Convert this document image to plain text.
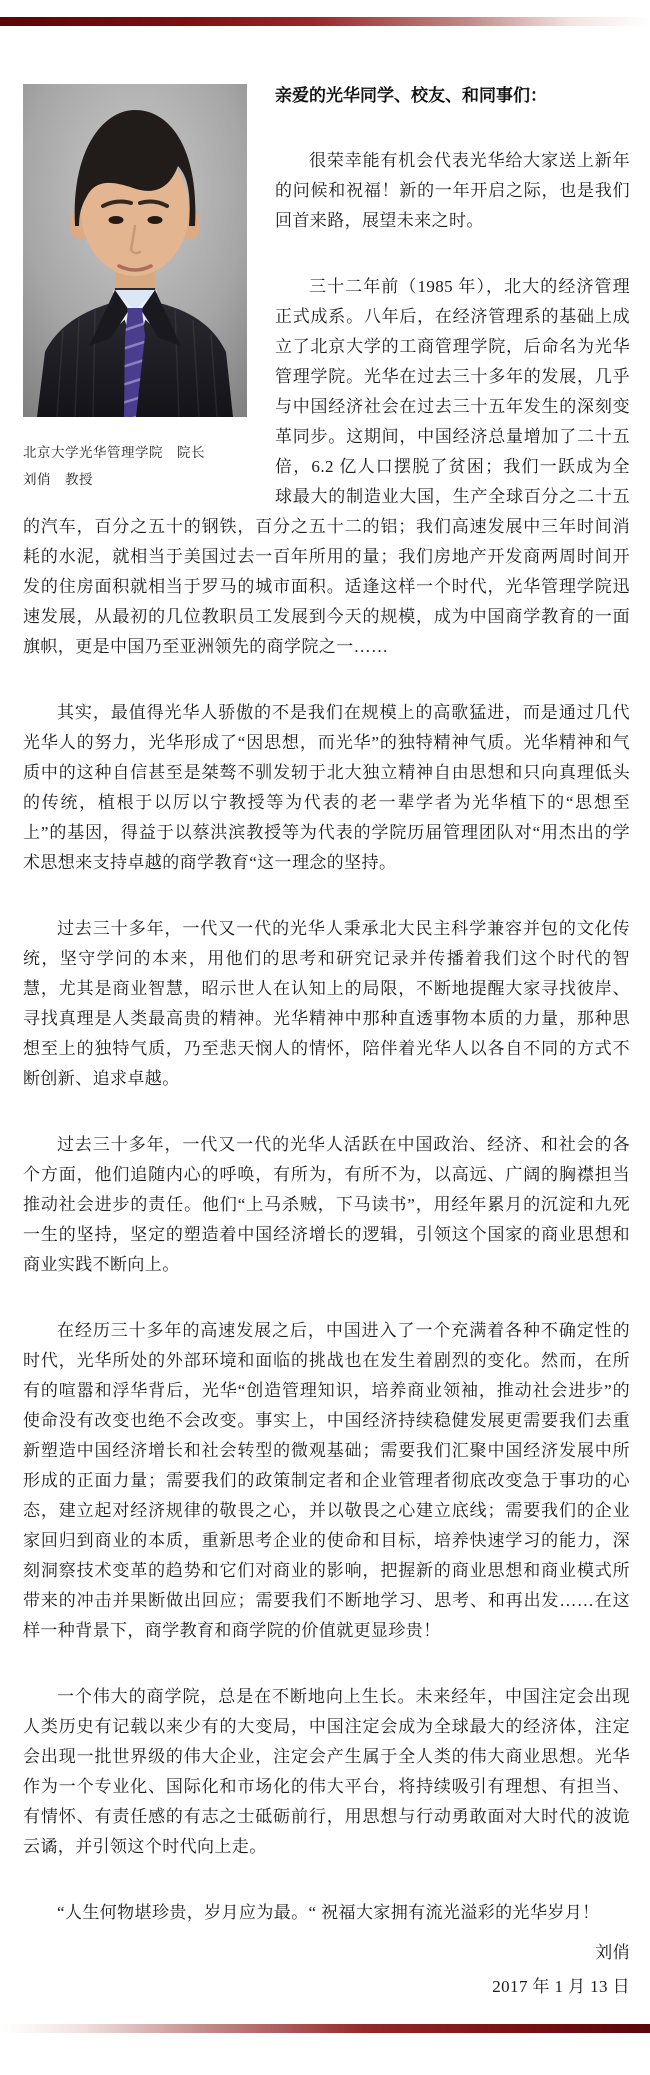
北京大学光华管理学院　院长
刘俏　教授
亲爱的光华同学、校友、和同事们：

很荣幸能有机会代表光华给大家送上新年的问候和祝福！新的一年开启之际，也是我们回首来路，展望未来之时。

三十二年前（1985 年），北大的经济管理正式成系。八年后，在经济管理系的基础上成立了北京大学的工商管理学院，后命名为光华管理学院。光华在过去三十多年的发展，几乎与中国经济社会在过去三十五年发生的深刻变革同步。这期间，中国经济总量增加了二十五倍，6.2 亿人口摆脱了贫困；我们一跃成为全球最大的制造业大国，生产全球百分之二十五的汽车，百分之五十的钢铁，百分之五十二的铝；我们高速发展中三年时间消耗的水泥，就相当于美国过去一百年所用的量；我们房地产开发商两周时间开发的住房面积就相当于罗马的城市面积。适逢这样一个时代，光华管理学院迅速发展，从最初的几位教职员工发展到今天的规模，成为中国商学教育的一面旗帜，更是中国乃至亚洲领先的商学院之一……

其实，最值得光华人骄傲的不是我们在规模上的高歌猛进，而是通过几代光华人的努力，光华形成了“因思想，而光华”的独特精神气质。光华精神和气质中的这种自信甚至是桀骜不驯发轫于北大独立精神自由思想和只向真理低头的传统，植根于以厉以宁教授等为代表的老一辈学者为光华植下的“思想至上”的基因，得益于以蔡洪滨教授等为代表的学院历届管理团队对“用杰出的学术思想来支持卓越的商学教育“这一理念的坚持。

过去三十多年，一代又一代的光华人秉承北大民主科学兼容并包的文化传统，坚守学问的本来，用他们的思考和研究记录并传播着我们这个时代的智慧，尤其是商业智慧，昭示世人在认知上的局限，不断地提醒大家寻找彼岸、寻找真理是人类最高贵的精神。光华精神中那种直透事物本质的力量，那种思想至上的独特气质，乃至悲天悯人的情怀，陪伴着光华人以各自不同的方式不断创新、追求卓越。

过去三十多年，一代又一代的光华人活跃在中国政治、经济、和社会的各个方面，他们追随内心的呼唤，有所为，有所不为，以高远、广阔的胸襟担当推动社会进步的责任。他们“上马杀贼，下马读书”，用经年累月的沉淀和九死一生的坚持，坚定的塑造着中国经济增长的逻辑，引领这个国家的商业思想和商业实践不断向上。

在经历三十多年的高速发展之后，中国进入了一个充满着各种不确定性的时代，光华所处的外部环境和面临的挑战也在发生着剧烈的变化。然而，在所有的喧嚣和浮华背后，光华“创造管理知识，培养商业领袖，推动社会进步”的使命没有改变也绝不会改变。事实上，中国经济持续稳健发展更需要我们去重新塑造中国经济增长和社会转型的微观基础；需要我们汇聚中国经济发展中所形成的正面力量；需要我们的政策制定者和企业管理者彻底改变急于事功的心态，建立起对经济规律的敬畏之心，并以敬畏之心建立底线；需要我们的企业家回归到商业的本质，重新思考企业的使命和目标，培养快速学习的能力，深刻洞察技术变革的趋势和它们对商业的影响，把握新的商业思想和商业模式所带来的冲击并果断做出回应；需要我们不断地学习、思考、和再出发……在这样一种背景下，商学教育和商学院的价值就更显珍贵！

一个伟大的商学院，总是在不断地向上生长。未来经年，中国注定会出现人类历史有记载以来少有的大变局，中国注定会成为全球最大的经济体，注定会出现一批世界级的伟大企业，注定会产生属于全人类的伟大商业思想。光华作为一个专业化、国际化和市场化的伟大平台，将持续吸引有理想、有担当、有情怀、有责任感的有志之士砥砺前行，用思想与行动勇敢面对大时代的波诡云谲，并引领这个时代向上走。

“人生何物堪珍贵，岁月应为最。“ 祝福大家拥有流光溢彩的光华岁月！

刘俏
2017 年 1 月 13 日
